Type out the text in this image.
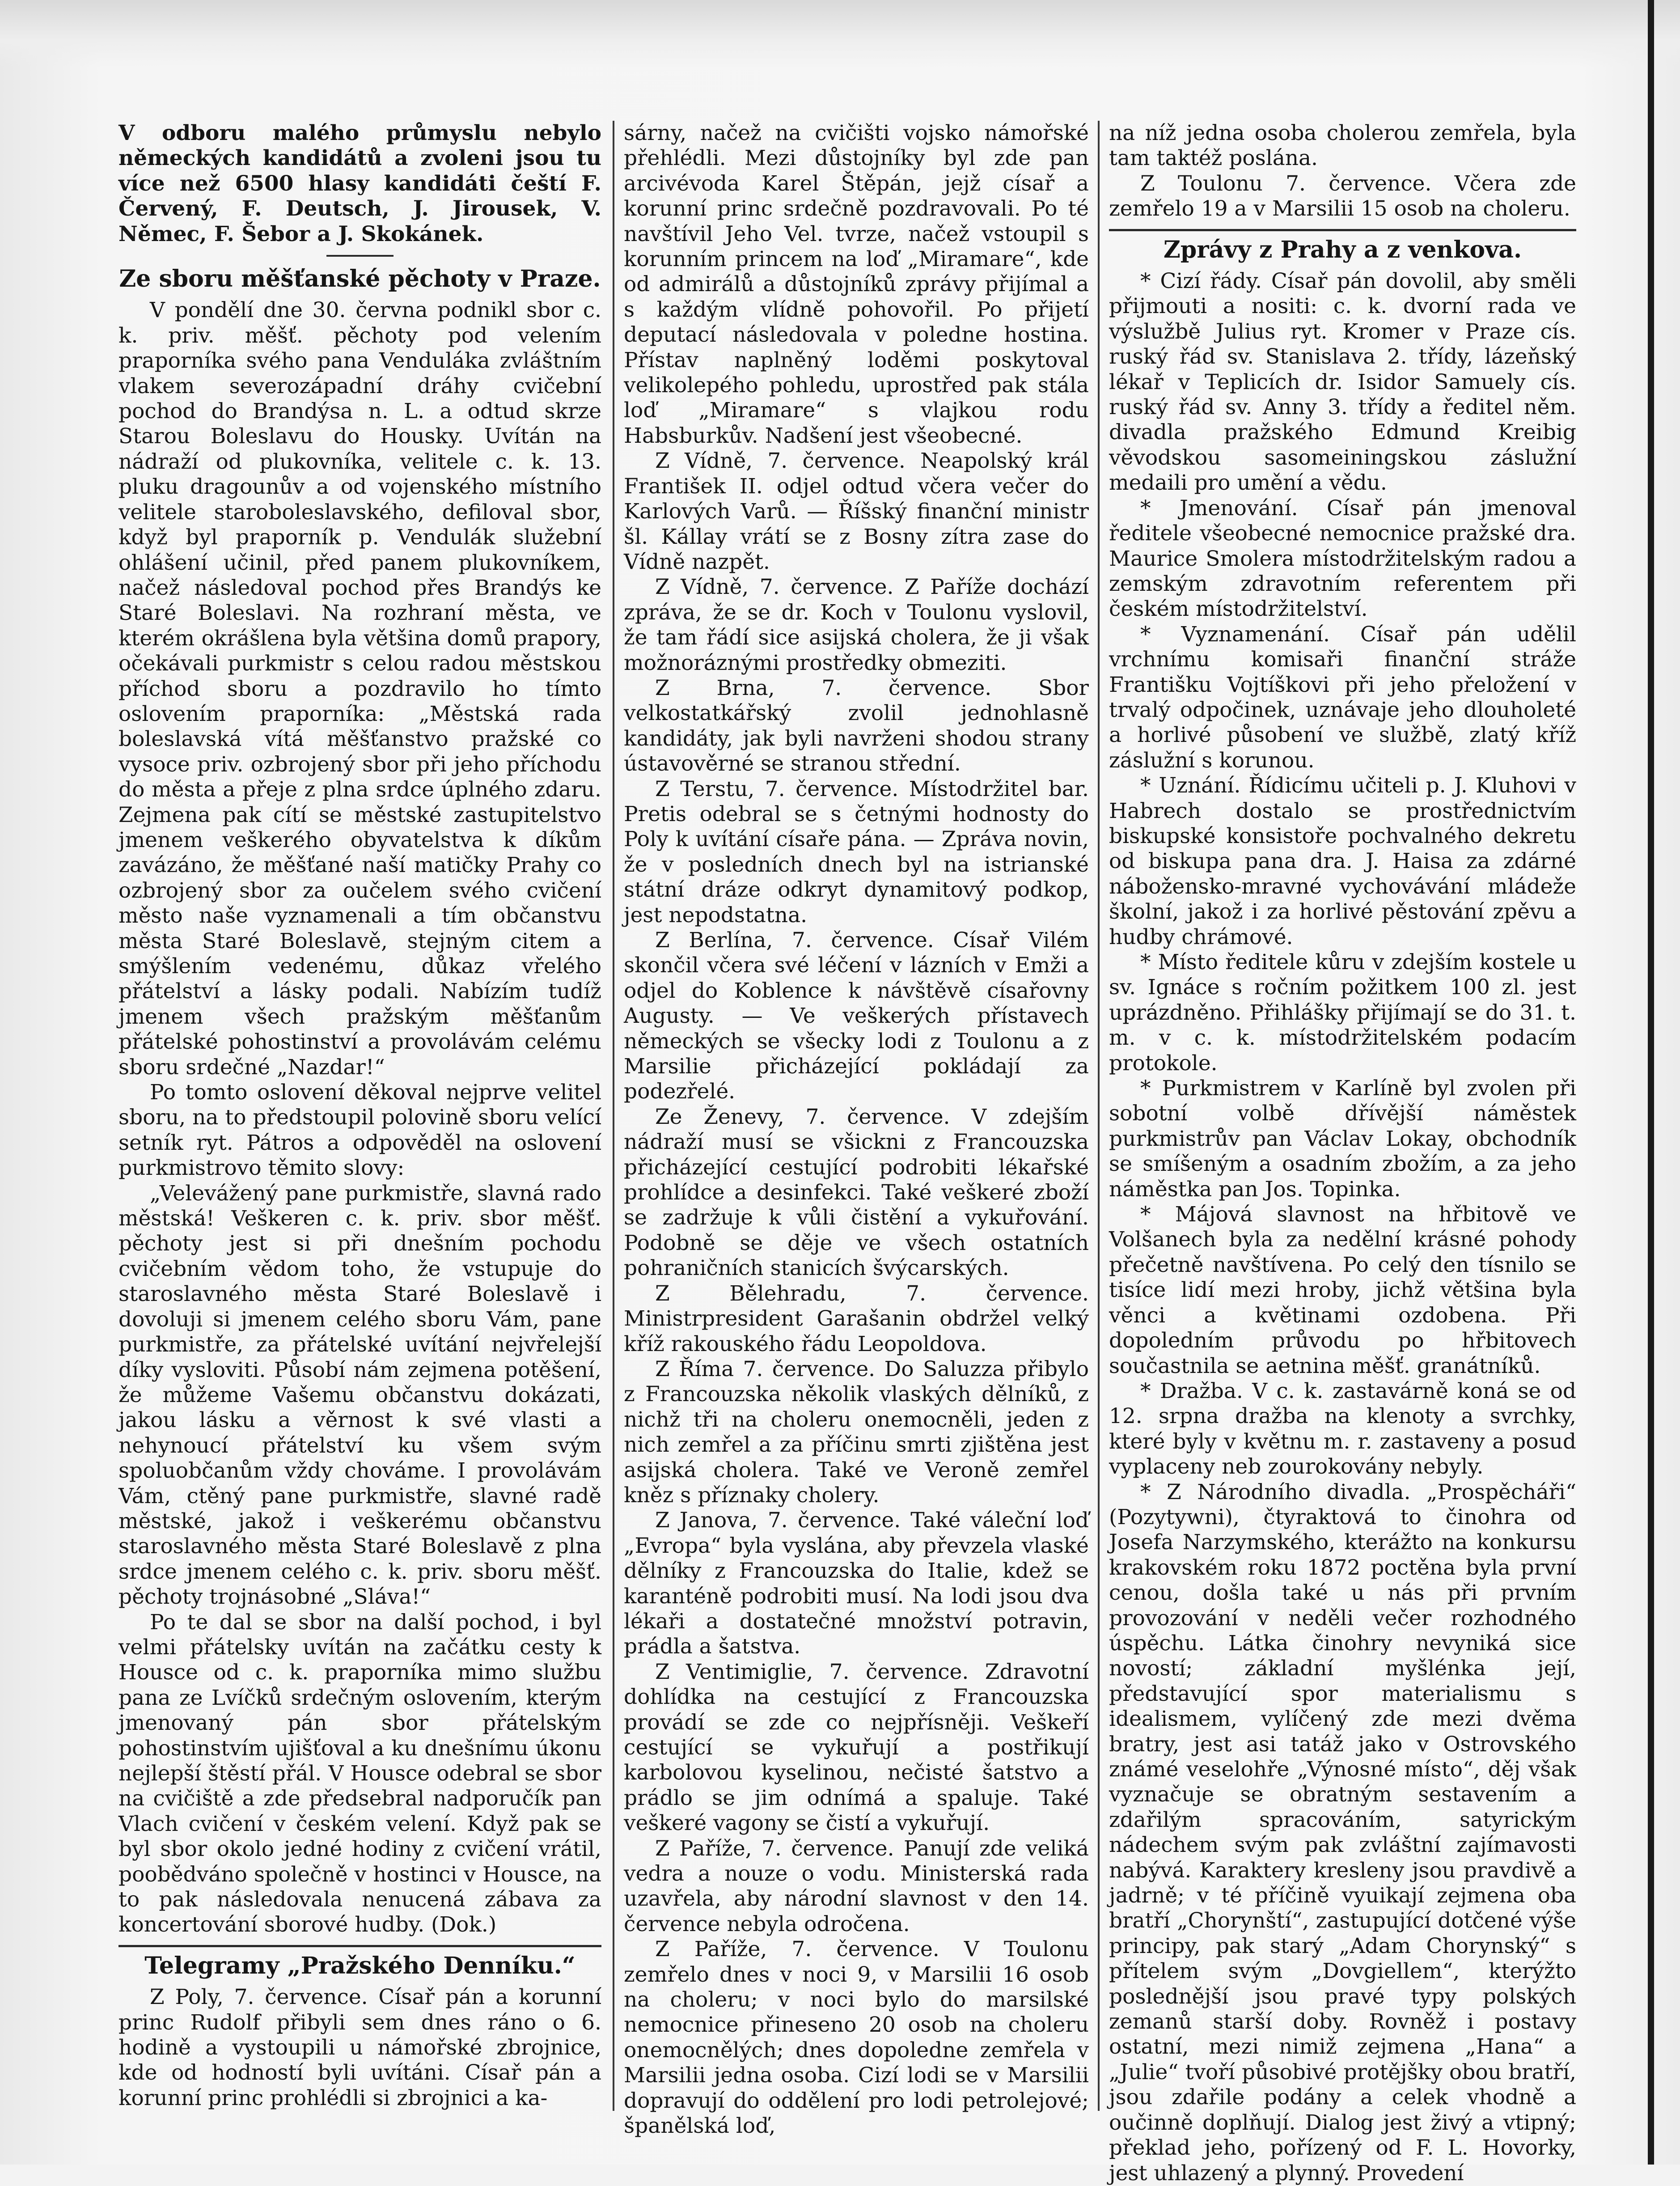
V odboru malého průmyslu nebylo německých kandidátů a zvoleni jsou tu více než 6500 hlasy kandidáti čeští F. Červený, F. Deutsch, J. Jirousek, V. Němec, F. Šebor a J. Skokánek.

Ze sboru měšťanské pěchoty v Praze.

V pondělí dne 30. června podnikl sbor c. k. priv. měšť. pěchoty pod velením praporníka svého pana Venduláka zvláštním vlakem severozápadní dráhy cvičební pochod do Brandýsa n. L. a odtud skrze Starou Boleslavu do Housky. Uvítán na nádraží od plukovníka, velitele c. k. 13. pluku dragounův a od vojenského místního velitele staroboleslavského, defiloval sbor, když byl praporník p. Vendulák služební ohlášení učinil, před panem plukovníkem, načež následoval pochod přes Brandýs ke Staré Boleslavi. Na rozhraní města, ve kterém okrášlena byla většina domů prapory, očekávali purkmistr s celou radou městskou příchod sboru a pozdravilo ho tímto oslovením praporníka: „Městská rada boleslavská vítá měšťanstvo pražské co vysoce priv. ozbrojený sbor při jeho příchodu do města a přeje z plna srdce úplného zdaru. Zejmena pak cítí se městské zastupitelstvo jmenem veškerého obyvatelstva k díkům zavázáno, že měšťané naší matičky Prahy co ozbrojený sbor za oučelem svého cvičení město naše vyznamenali a tím občanstvu města Staré Boleslavě, stejným citem a smýšlením vedenému, důkaz vřelého přátelství a lásky podali. Nabízím tudíž jmenem všech pražským měšťanům přátelské pohostinství a provolávám celému sboru srdečné „Nazdar!“

Po tomto oslovení děkoval nejprve velitel sboru, na to předstoupil polovině sboru velící setník ryt. Pátros a odpověděl na oslovení purkmistrovo těmito slovy:

„Velevážený pane purkmistře, slavná rado městská! Veškeren c. k. priv. sbor měšť. pěchoty jest si při dnešním pochodu cvičebním vědom toho, že vstupuje do staroslavného města Staré Boleslavě i dovoluji si jmenem celého sboru Vám, pane purkmistře, za přátelské uvítání nejvřelejší díky vysloviti. Působí nám zejmena potěšení, že můžeme Vašemu občanstvu dokázati, jakou lásku a věrnost k své vlasti a nehynoucí přátelství ku všem svým spoluobčanům vždy chováme. I provolávám Vám, ctěný pane purkmistře, slavné radě městské, jakož i veškerému občanstvu staroslavného města Staré Boleslavě z plna srdce jmenem celého c. k. priv. sboru měšť. pěchoty trojnásobné „Sláva!“

Po te dal se sbor na další pochod, i byl velmi přátelsky uvítán na začátku cesty k Housce od c. k. praporníka mimo službu pana ze Lvíčků srdečným oslovením, kterým jmenovaný pán sbor přátelským pohostinstvím ujišťoval a ku dnešnímu úkonu nejlepší štěstí přál. V Housce odebral se sbor na cvičiště a zde předsebral nadporučík pan Vlach cvičení v českém velení. Když pak se byl sbor okolo jedné hodiny z cvičení vrátil, poobědváno společně v hostinci v Housce, na to pak následovala nenucená zábava za koncertování sborové hudby. (Dok.)

Telegramy „Pražského Denníku.“

Z Poly, 7. července. Císař pán a korunní princ Rudolf přibyli sem dnes ráno o 6. hodině a vystoupili u námořské zbrojnice, kde od hodností byli uvítáni. Císař pán a korunní princ prohlédli si zbrojnici a ka-

sárny, načež na cvičišti vojsko námořské přehlédli. Mezi důstojníky byl zde pan arcivévoda Karel Štěpán, jejž císař a korunní princ srdečně pozdravovali. Po té navštívil Jeho Vel. tvrze, načež vstoupil s korunním princem na loď „Miramare“, kde od admirálů a důstojníků zprávy přijímal a s každým vlídně pohovořil. Po přijetí deputací následovala v poledne hostina. Přístav naplněný loděmi poskytoval velikolepého pohledu, uprostřed pak stála loď „Miramare“ s vlajkou rodu Habsburkův. Nadšení jest všeobecné.

Z Vídně, 7. července. Neapolský král František II. odjel odtud včera večer do Karlových Varů. — Říšský finanční ministr šl. Kállay vrátí se z Bosny zítra zase do Vídně nazpět.

Z Vídně, 7. července. Z Paříže dochází zpráva, že se dr. Koch v Toulonu vyslovil, že tam řádí sice asijská cholera, že ji však možnoráznými prostředky obmeziti.

Z Brna, 7. července. Sbor velkostatkářský zvolil jednohlasně kandidáty, jak byli navrženi shodou strany ústavověrné se stranou střední.

Z Terstu, 7. července. Místodržitel bar. Pretis odebral se s četnými hodnosty do Poly k uvítání císaře pána. — Zpráva novin, že v posledních dnech byl na istrianské státní dráze odkryt dynamitový podkop, jest nepodstatna.

Z Berlína, 7. července. Císař Vilém skončil včera své léčení v lázních v Emži a odjel do Koblence k návštěvě císařovny Augusty. — Ve veškerých přístavech německých se všecky lodi z Toulonu a z Marsilie přicházející pokládají za podezřelé.

Ze Ženevy, 7. července. V zdejším nádraží musí se všickni z Francouzska přicházející cestující podrobiti lékařské prohlídce a desinfekci. Také veškeré zboží se zadržuje k vůli čistění a vykuřování. Podobně se děje ve všech ostatních pohraničních stanicích švýcarských.

Z Bělehradu, 7. července. Ministrpresident Garašanin obdržel velký kříž rakouského řádu Leopoldova.

Z Říma 7. července. Do Saluzza přibylo z Francouzska několik vlaských dělníků, z nichž tři na choleru onemocněli, jeden z nich zemřel a za příčinu smrti zjištěna jest asijská cholera. Také ve Veroně zemřel kněz s příznaky cholery.

Z Janova, 7. července. Také váleční loď „Evropa“ byla vyslána, aby převzela vlaské dělníky z Francouzska do Italie, kdež se karanténě podrobiti musí. Na lodi jsou dva lékaři a dostatečné množství potravin, prádla a šatstva.

Z Ventimiglie, 7. července. Zdravotní dohlídka na cestující z Francouzska provádí se zde co nejpřísněji. Veškeří cestující se vykuřují a postřikují karbolovou kyselinou, nečisté šatstvo a prádlo se jim odnímá a spaluje. Také veškeré vagony se čistí a vykuřují.

Z Paříže, 7. července. Panují zde veliká vedra a nouze o vodu. Ministerská rada uzavřela, aby národní slavnost v den 14. července nebyla odročena.

Z Paříže, 7. července. V Toulonu zemřelo dnes v noci 9, v Marsilii 16 osob na choleru; v noci bylo do marsilské nemocnice přineseno 20 osob na choleru onemocnělých; dnes dopoledne zemřela v Marsilii jedna osoba. Cizí lodi se v Marsilii dopravují do oddělení pro lodi petrolejové; španělská loď,

na níž jedna osoba cholerou zemřela, byla tam taktéž poslána.

Z Toulonu 7. července. Včera zde zemřelo 19 a v Marsilii 15 osob na choleru.

Zprávy z Prahy a z venkova.

* Cizí řády. Císař pán dovolil, aby směli přijmouti a nositi: c. k. dvorní rada ve výslužbě Julius ryt. Kromer v Praze cís. ruský řád sv. Stanislava 2. třídy, lázeňský lékař v Teplicích dr. Isidor Samuely cís. ruský řád sv. Anny 3. třídy a ředitel něm. divadla pražského Edmund Kreibig věvodskou sasomeiningskou záslužní medaili pro umění a vědu.

* Jmenování. Císař pán jmenoval ředitele všeobecné nemocnice pražské dra. Maurice Smolera místodržitelským radou a zemským zdravotním referentem při českém místodržitelství.

* Vyznamenání. Císař pán udělil vrchnímu komisaři finanční stráže Františku Vojtíškovi při jeho přeložení v trvalý odpočinek, uznávaje jeho dlouholeté a horlivé působení ve službě, zlatý kříž záslužní s korunou.

* Uznání. Řídicímu učiteli p. J. Kluhovi v Habrech dostalo se prostřednictvím biskupské konsistoře pochvalného dekretu od biskupa pana dra. J. Haisa za zdárné nábožensko-mravné vychovávání mládeže školní, jakož i za horlivé pěstování zpěvu a hudby chrámové.

* Místo ředitele kůru v zdejším kostele u sv. Ignáce s ročním požitkem 100 zl. jest uprázdněno. Přihlášky přijímají se do 31. t. m. v c. k. místodržitelském podacím protokole.

* Purkmistrem v Karlíně byl zvolen při sobotní volbě dřívější náměstek purkmistrův pan Václav Lokay, obchodník se smíšeným a osadním zbožím, a za jeho náměstka pan Jos. Topinka.

* Májová slavnost na hřbitově ve Volšanech byla za nedělní krásné pohody přečetně navštívena. Po celý den tísnilo se tisíce lidí mezi hroby, jichž většina byla věnci a květinami ozdobena. Při dopoledním průvodu po hřbitovech součastnila se aetnina měšť. granátníků.

* Dražba. V c. k. zastavárně koná se od 12. srpna dražba na klenoty a svrchky, které byly v květnu m. r. zastaveny a posud vyplaceny neb zourokovány nebyly.

* Z Národního divadla. „Prospěcháři“ (Pozytywni), čtyraktová to činohra od Josefa Narzymského, kterážto na konkursu krakovském roku 1872 poctěna byla první cenou, došla také u nás při prvním provozování v neděli večer rozhodného úspěchu. Látka činohry nevyniká sice novostí; základní myšlénka její, představující spor materialismu s idealismem, vylíčený zde mezi dvěma bratry, jest asi tatáž jako v Ostrovského známé veselohře „Výnosné místo“, děj však vyznačuje se obratným sestavením a zdařilým spracováním, satyrickým nádechem svým pak zvláštní zajímavosti nabývá. Karaktery kresleny jsou pravdivě a jadrně; v té příčině vyuikají zejmena oba bratří „Chorynští“, zastupující dotčené výše principy, pak starý „Adam Chorynský“ s přítelem svým „Dovgiellem“, kterýžto poslednější jsou pravé typy polských zemanů starší doby. Rovněž i postavy ostatní, mezi nimiž zejmena „Hana“ a „Julie“ tvoří působivé protějšky obou bratří, jsou zdařile podány a celek vhodně a oučinně doplňují. Dialog jest živý a vtipný; překlad jeho, pořízený od F. L. Hovorky, jest uhlazený a plynný. Provedení
